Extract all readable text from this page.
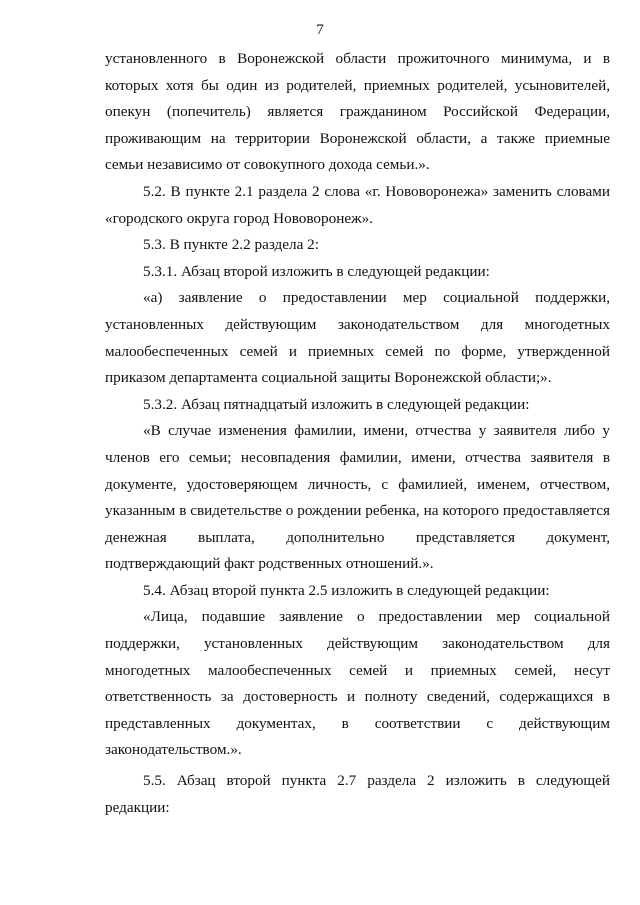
7

установленного в Воронежской области прожиточного минимума, и в которых хотя бы один из родителей, приемных родителей, усыновителей, опекун (попечитель) является гражданином Российской Федерации, проживающим на территории Воронежской области, а также приемные семьи независимо от совокупного дохода семьи.».

5.2. В пункте 2.1 раздела 2 слова «г. Нововоронежа» заменить словами «городского округа город Нововоронеж».

5.3. В пункте 2.2 раздела 2:

5.3.1. Абзац второй изложить в следующей редакции:

«а) заявление о предоставлении мер социальной поддержки, установленных действующим законодательством для многодетных малообеспеченных семей и приемных семей по форме, утвержденной приказом департамента социальной защиты Воронежской области;».

5.3.2. Абзац пятнадцатый изложить в следующей редакции:

«В случае изменения фамилии, имени, отчества у заявителя либо у членов его семьи; несовпадения фамилии, имени, отчества заявителя в документе, удостоверяющем личность, с фамилией, именем, отчеством, указанным в свидетельстве о рождении ребенка, на которого предоставляется денежная выплата, дополнительно представляется документ, подтверждающий факт родственных отношений.».

5.4. Абзац второй пункта 2.5 изложить в следующей редакции:

«Лица, подавшие заявление о предоставлении мер социальной поддержки, установленных действующим законодательством для многодетных малообеспеченных семей и приемных семей, несут ответственность за достоверность и полноту сведений, содержащихся в представленных документах, в соответствии с действующим законодательством.».

5.5. Абзац второй пункта 2.7 раздела 2 изложить в следующей редакции:
